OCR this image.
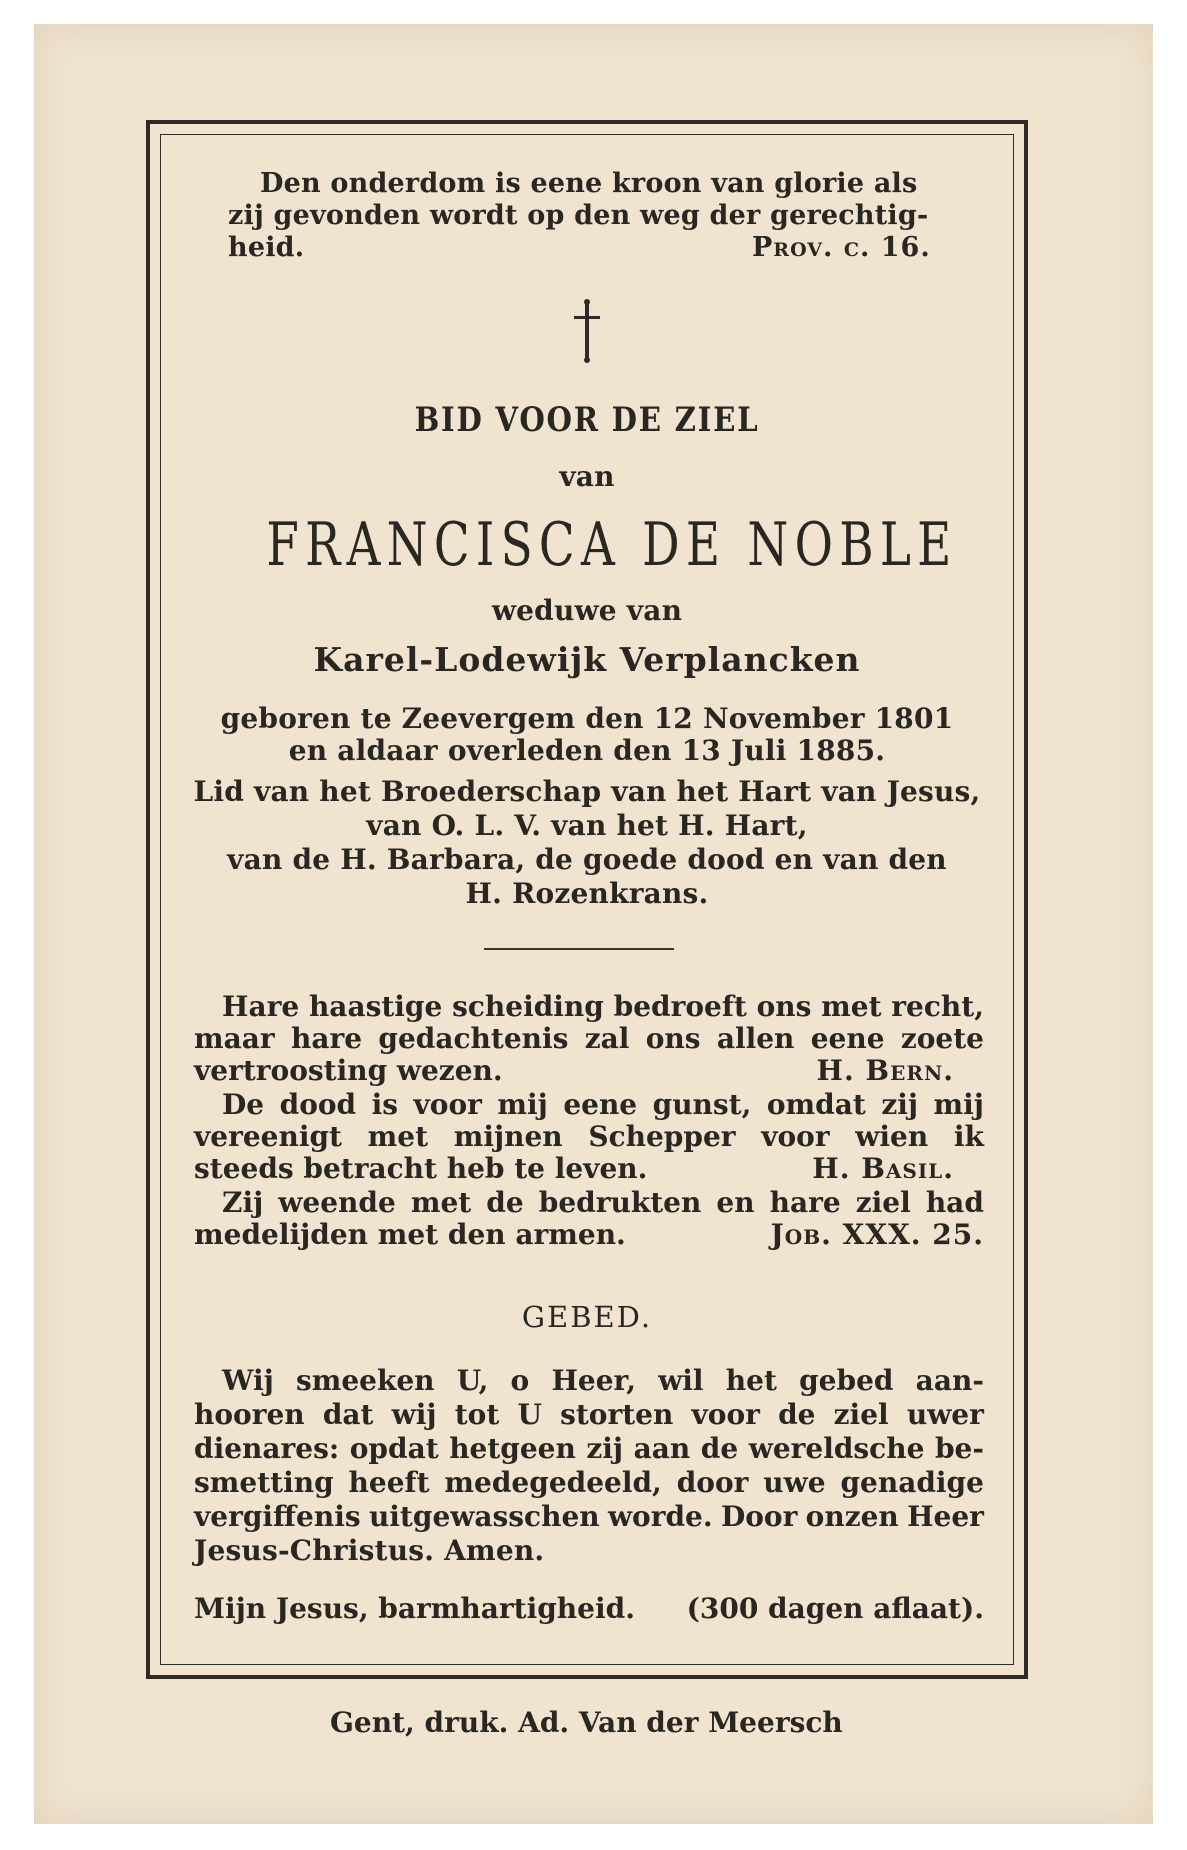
Den onderdom is eene kroon van glorie als
zij gevonden wordt op den weg der gerechtig-
heid.	Prov. c. 16.
BID VOOR DE ZIEL
van
FRANCISCA DE NOBLE
weduwe van
Karel-Lodewijk Verplancken
geboren te Zeevergem den 12 November 1801
en aldaar overleden den 13 Juli 1885.
Lid van het Broederschap van het Hart van Jesus,
van O. L. V. van het H. Hart,
van de H. Barbara, de goede dood en van den
H. Rozenkrans.
Hare haastige scheiding bedroeft ons met recht,
maar hare gedachtenis zal ons allen eene zoete
vertroosting wezen.	H. Bern.
De dood is voor mij eene gunst, omdat zij mij
vereenigt met mijnen Schepper voor wien ik
steeds betracht heb te leven.	H. Basil.
Zij weende met de bedrukten en hare ziel had
medelijden met den armen.	Job. XXX. 25.
GEBED.
Wij smeeken U, o Heer, wil het gebed aan-
hooren dat wij tot U storten voor de ziel uwer
dienares: opdat hetgeen zij aan de wereldsche be-
smetting heeft medegedeeld, door uwe genadige
vergiffenis uitgewasschen worde. Door onzen Heer
Jesus-Christus. Amen.
Mijn Jesus, barmhartigheid. (300 dagen aflaat).
Gent, druk. Ad. Van der Meersch
